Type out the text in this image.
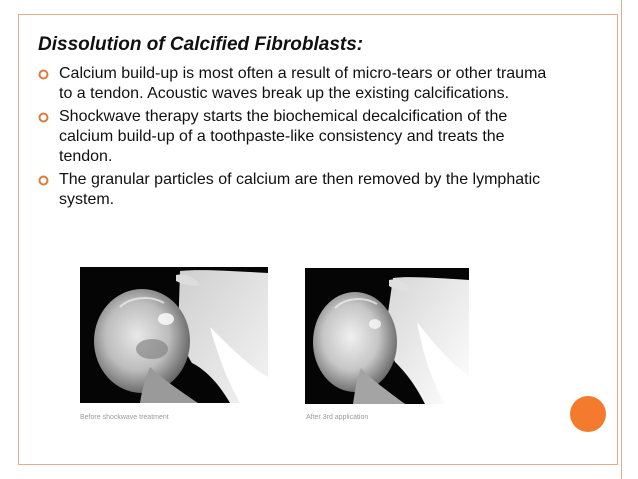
Dissolution of Calcified Fibroblasts:
Calcium build-up is most often a result of micro-tears or other trauma to a tendon. Acoustic waves break up the existing calcifications.
Shockwave therapy starts the biochemical decalcification of the calcium build-up of a toothpaste-like consistency and treats the tendon.
The granular particles of calcium are then removed by the lymphatic system.
Before shockwave treatment	After 3rd application
